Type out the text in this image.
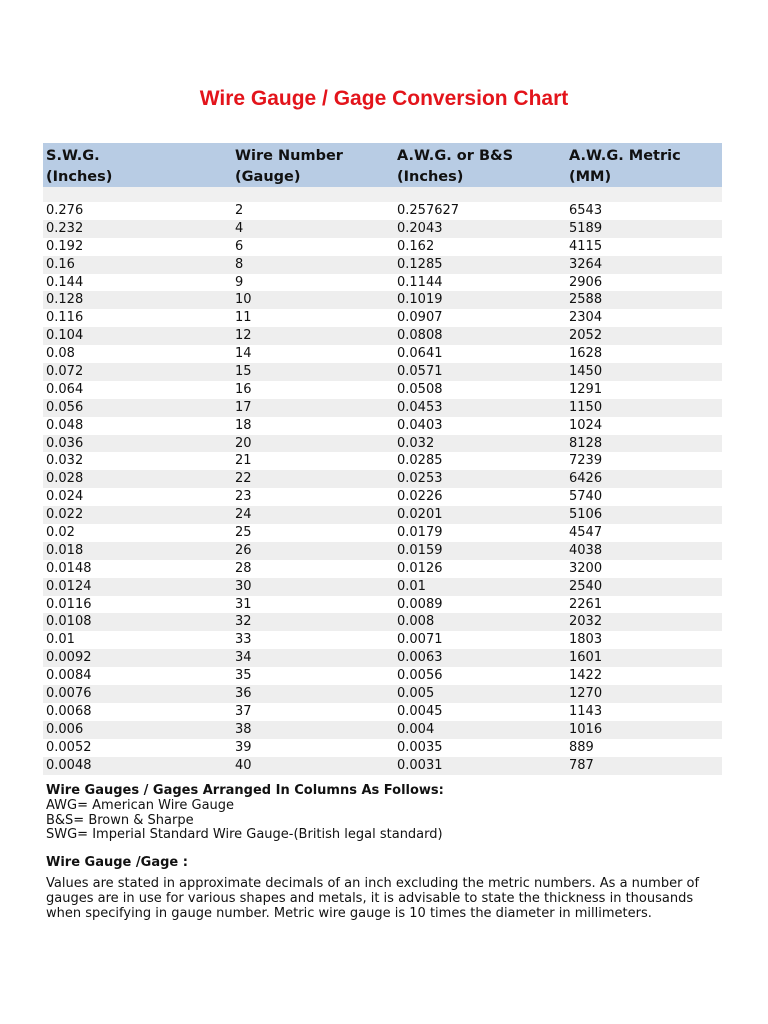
Wire Gauge / Gage Conversion Chart
S.W.G.
(Inches)
Wire Number
(Gauge)
A.W.G. or B&S
(Inches)
A.W.G. Metric
(MM)
0.276	2	0.257627	6543
0.232	4	0.2043	5189
0.192	6	0.162	4115
0.16	8	0.1285	3264
0.144	9	0.1144	2906
0.128	10	0.1019	2588
0.116	11	0.0907	2304
0.104	12	0.0808	2052
0.08	14	0.0641	1628
0.072	15	0.0571	1450
0.064	16	0.0508	1291
0.056	17	0.0453	1150
0.048	18	0.0403	1024
0.036	20	0.032	8128
0.032	21	0.0285	7239
0.028	22	0.0253	6426
0.024	23	0.0226	5740
0.022	24	0.0201	5106
0.02	25	0.0179	4547
0.018	26	0.0159	4038
0.0148	28	0.0126	3200
0.0124	30	0.01	2540
0.0116	31	0.0089	2261
0.0108	32	0.008	2032
0.01	33	0.0071	1803
0.0092	34	0.0063	1601
0.0084	35	0.0056	1422
0.0076	36	0.005	1270
0.0068	37	0.0045	1143
0.006	38	0.004	1016
0.0052	39	0.0035	889
0.0048	40	0.0031	787
Wire Gauges / Gages Arranged In Columns As Follows:
AWG= American Wire Gauge
B&S= Brown & Sharpe
SWG= Imperial Standard Wire Gauge-(British legal standard)
Wire Gauge /Gage :
Values are stated in approximate decimals of an inch excluding the metric numbers. As a number of gauges are in use for various shapes and metals, it is advisable to state the thickness in thousands when specifying in gauge number. Metric wire gauge is 10 times the diameter in millimeters.
